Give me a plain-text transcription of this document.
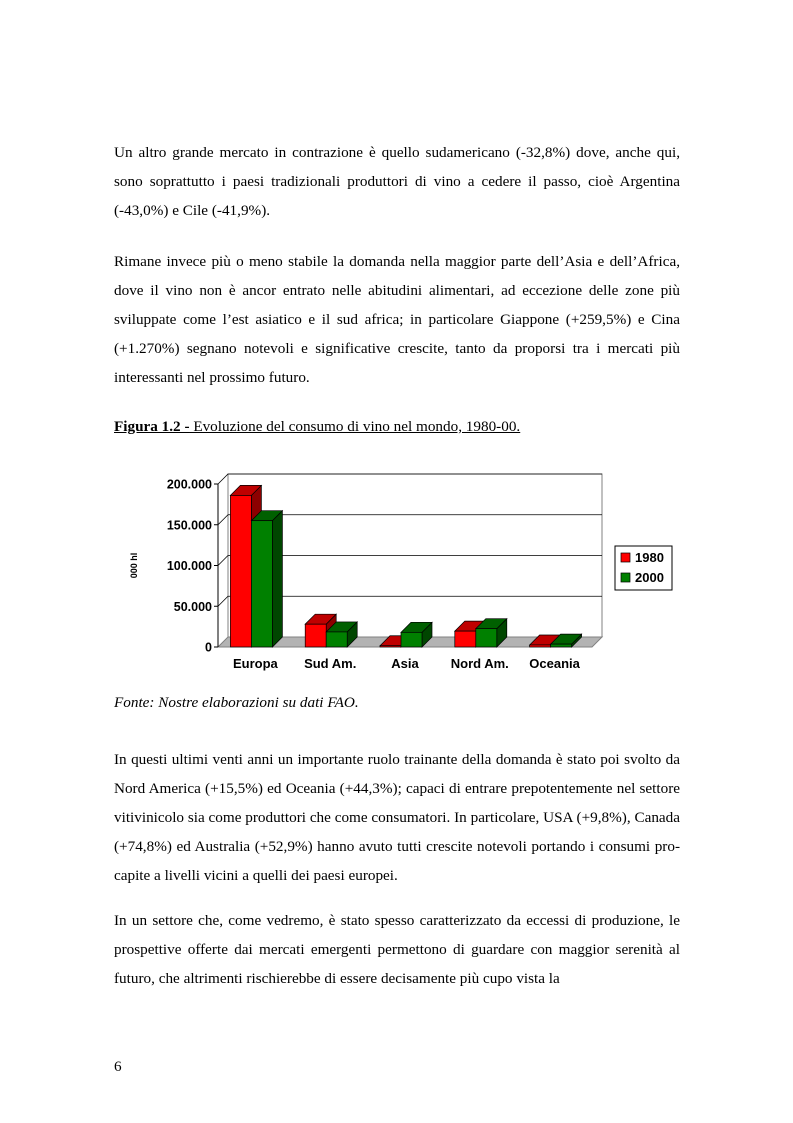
Un altro grande mercato in contrazione è quello sudamericano (-32,8%) dove, anche qui, sono soprattutto i paesi tradizionali produttori di vino a cedere il passo, cioè Argentina (-43,0%) e Cile (-41,9%).

Rimane invece più o meno stabile la domanda nella maggior parte dell’Asia e dell’Africa, dove il vino non è ancor entrato nelle abitudini alimentari, ad eccezione delle zone più sviluppate come l’est asiatico e il sud africa; in particolare Giappone (+259,5%) e Cina (+1.270%) segnano notevoli e significative crescite, tanto da proporsi tra i mercati più interessanti nel prossimo futuro.

Figura 1.2 - Evoluzione del consumo di vino nel mondo, 1980-00.

0
50.000
100.000
150.000
200.000
000 hl
Europa Sud Am.	Asia Nord Am. Oceania
1980
2000

Fonte: Nostre elaborazioni su dati FAO.

In questi ultimi venti anni un importante ruolo trainante della domanda è stato poi svolto da Nord America (+15,5%) ed Oceania (+44,3%); capaci di entrare prepotentemente nel settore vitivinicolo sia come produttori che come consumatori. In particolare, USA (+9,8%), Canada (+74,8%) ed Australia (+52,9%) hanno avuto tutti crescite notevoli portando i consumi pro-capite a livelli vicini a quelli dei paesi europei.

In un settore che, come vedremo, è stato spesso caratterizzato da eccessi di produzione, le prospettive offerte dai mercati emergenti permettono di guardare con maggior serenità al futuro, che altrimenti rischierebbe di essere decisamente più cupo vista la

6
